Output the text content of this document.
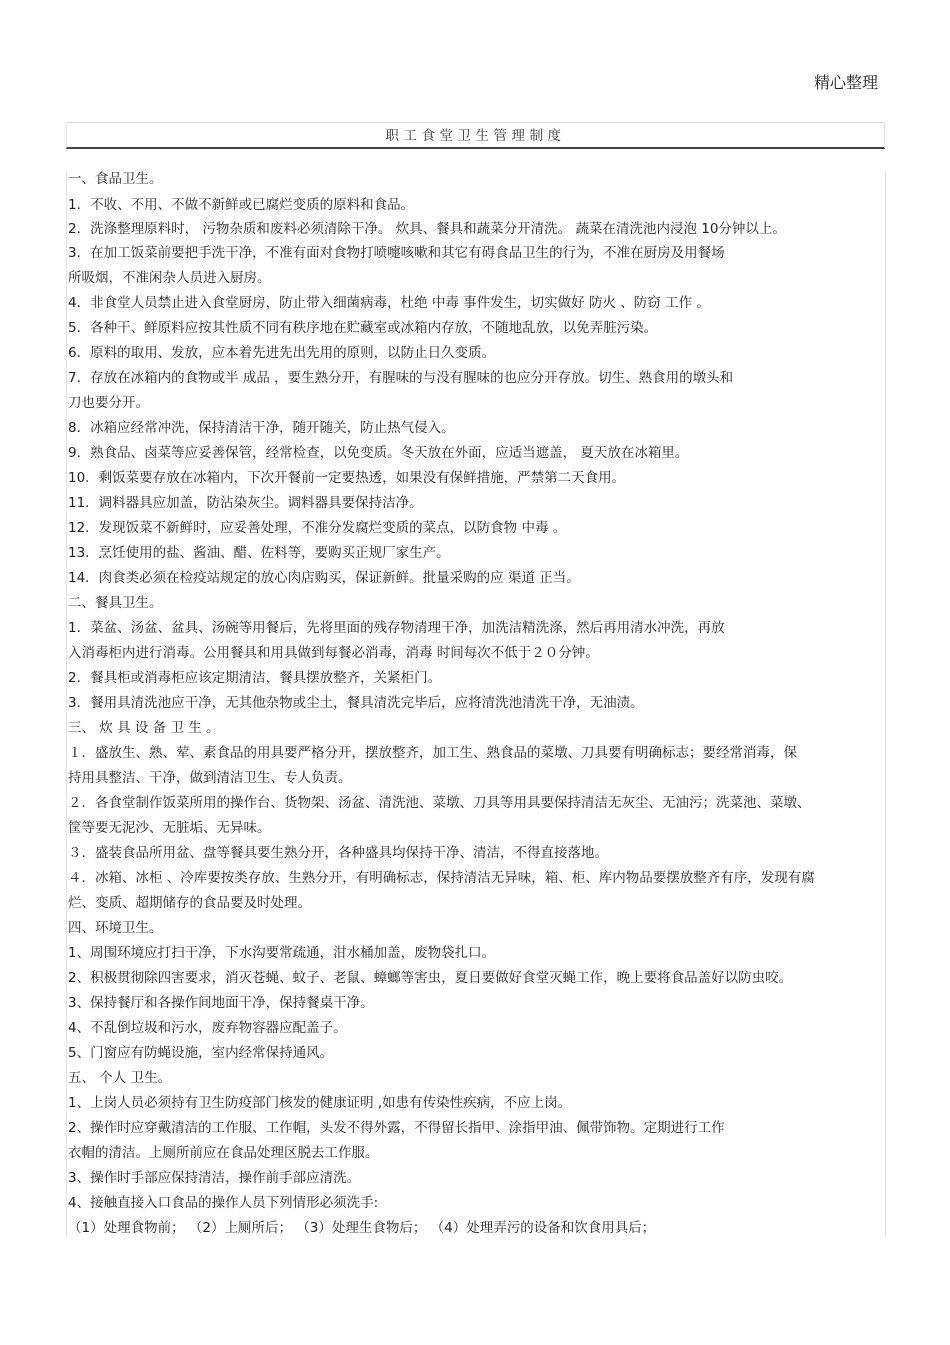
精心整理
职工食堂卫生管理制度
一、食品卫生。
1．不收、不用、不做不新鲜或已腐烂变质的原料和食品。
2．洗涤整理原料时， 污物杂质和废料必须清除干净。 炊具、餐具和蔬菜分开清洗。 蔬菜在清洗池内浸泡 10分钟以上。
3．在加工饭菜前要把手洗干净，不准有面对食物打喷嚏咳嗽和其它有碍食品卫生的行为，不准在厨房及用餐场
所吸烟，不准闲杂人员进入厨房。
4．非食堂人员禁止进入食堂厨房，防止带入细菌病毒，杜绝 中毒 事件发生，切实做好 防火 、防窃 工作 。
5．各种干、鲜原料应按其性质不同有秩序地在贮藏室或冰箱内存放，不随地乱放，以免弄脏污染。
6．原料的取用、发放，应本着先进先出先用的原则，以防止日久变质。
7．存放在冰箱内的食物或半 成品 ，要生熟分开，有腥味的与没有腥味的也应分开存放。切生、熟食用的墩头和
刀也要分开。
8．冰箱应经常冲洗，保持清洁干净，随开随关，防止热气侵入。
9．熟食品、卤菜等应妥善保管，经常检查，以免变质。冬天放在外面，应适当遮盖， 夏天放在冰箱里。
10．剩饭菜要存放在冰箱内，下次开餐前一定要热透，如果没有保鲜措施，严禁第二天食用。
11．调料器具应加盖，防沾染灰尘。调料器具要保持洁净。
12．发现饭菜不新鲜时，应妥善处理，不准分发腐烂变质的菜点，以防食物 中毒 。
13．烹饪使用的盐、酱油、醋、佐料等，要购买正规厂家生产。
14．肉食类必须在检疫站规定的放心肉店购买，保证新鲜。批量采购的应 渠道 正当。
二、餐具卫生。
1．菜盆、汤盆、盆具、汤碗等用餐后，先将里面的残存物清理干净，加洗洁精洗涤，然后再用清水冲洗，再放
入消毒柜内进行消毒。公用餐具和用具做到每餐必消毒，消毒 时间每次不低于２０分钟。
2．餐具柜或消毒柜应该定期清洁，餐具摆放整齐，关紧柜门。
3．餐用具清洗池应干净，无其他杂物或尘土，餐具清洗完毕后，应将清洗池清洗干净，无油渍。
三、 炊 具 设 备 卫 生 。
１．盛放生、熟、荤、素食品的用具要严格分开，摆放整齐，加工生、熟食品的菜墩、刀具要有明确标志；要经常消毒，保
持用具整洁、干净，做到清洁卫生、专人负责。
２．各食堂制作饭菜所用的操作台、货物架、汤盆、清洗池、菜墩、刀具等用具要保持清洁无灰尘、无油污；洗菜池、菜墩、
筐等要无泥沙、无脏垢、无异味。
３．盛装食品所用盆、盘等餐具要生熟分开，各种盛具均保持干净、清洁，不得直接落地。
４．冰箱、冰柜 、冷库要按类存放、生熟分开，有明确标志，保持清洁无异味，箱、柜、库内物品要摆放整齐有序，发现有腐
烂、变质、超期储存的食品要及时处理。
四、环境卫生。
1、周围环境应打扫干净，下水沟要常疏通，泔水桶加盖，废物袋扎口。
2、积极贯彻除四害要求，消灭苍蝇、蚊子、老鼠、蟑螂等害虫，夏日要做好食堂灭蝇工作，晚上要将食品盖好以防虫咬。
3、保持餐厅和各操作间地面干净，保持餐桌干净。
4、不乱倒垃圾和污水，废弃物容器应配盖子。
5、门窗应有防蝇设施，室内经常保持通风。
五、 个人 卫生。
1、上岗人员必须持有卫生防疫部门核发的健康证明 ,如患有传染性疾病，不应上岗。
2、操作时应穿戴清洁的工作服、工作帽，头发不得外露，不得留长指甲、涂指甲油、佩带饰物。定期进行工作
衣帽的清洁。上厕所前应在食品处理区脱去工作服。
3、操作时手部应保持清洁，操作前手部应清洗。
4、接触直接入口食品的操作人员下列情形必须洗手:
（1）处理食物前； （2）上厕所后； （3）处理生食物后； （4）处理弄污的设备和饮食用具后；
